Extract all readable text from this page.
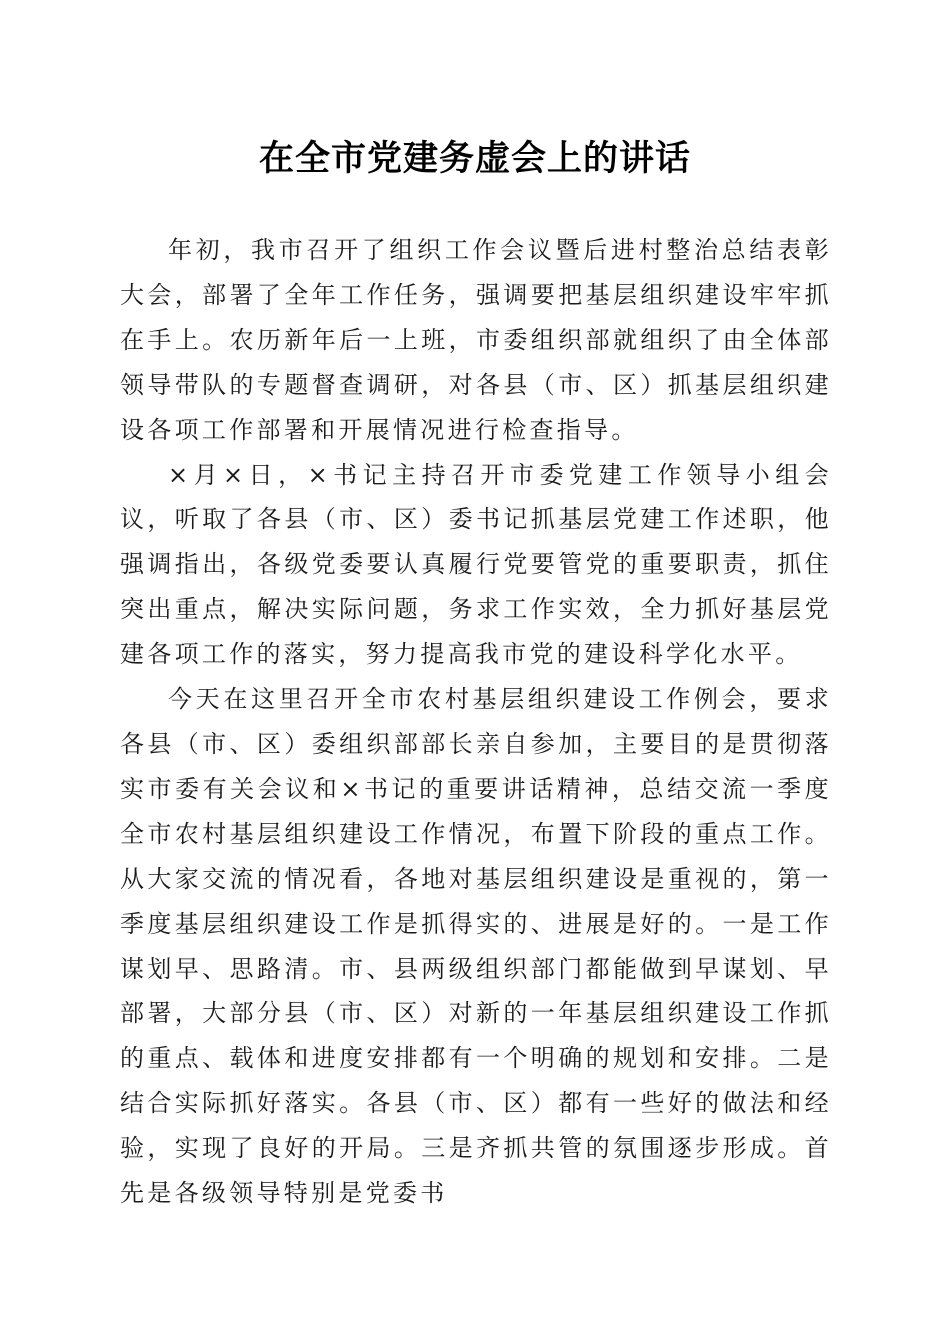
在全市党建务虚会上的讲话

年初，我市召开了组织工作会议暨后进村整治总结表彰大会，部署了全年工作任务，强调要把基层组织建设牢牢抓在手上。农历新年后一上班，市委组织部就组织了由全体部领导带队的专题督查调研，对各县（市、区）抓基层组织建设各项工作部署和开展情况进行检查指导。

×月×日，×书记主持召开市委党建工作领导小组会议，听取了各县（市、区）委书记抓基层党建工作述职，他强调指出，各级党委要认真履行党要管党的重要职责，抓住突出重点，解决实际问题，务求工作实效，全力抓好基层党建各项工作的落实，努力提高我市党的建设科学化水平。

今天在这里召开全市农村基层组织建设工作例会，要求各县（市、区）委组织部部长亲自参加，主要目的是贯彻落实市委有关会议和×书记的重要讲话精神，总结交流一季度全市农村基层组织建设工作情况，布置下阶段的重点工作。从大家交流的情况看，各地对基层组织建设是重视的，第一季度基层组织建设工作是抓得实的、进展是好的。一是工作谋划早、思路清。市、县两级组织部门都能做到早谋划、早部署，大部分县（市、区）对新的一年基层组织建设工作抓的重点、载体和进度安排都有一个明确的规划和安排。二是结合实际抓好落实。各县（市、区）都有一些好的做法和经验，实现了良好的开局。三是齐抓共管的氛围逐步形成。首先是各级领导特别是党委书
